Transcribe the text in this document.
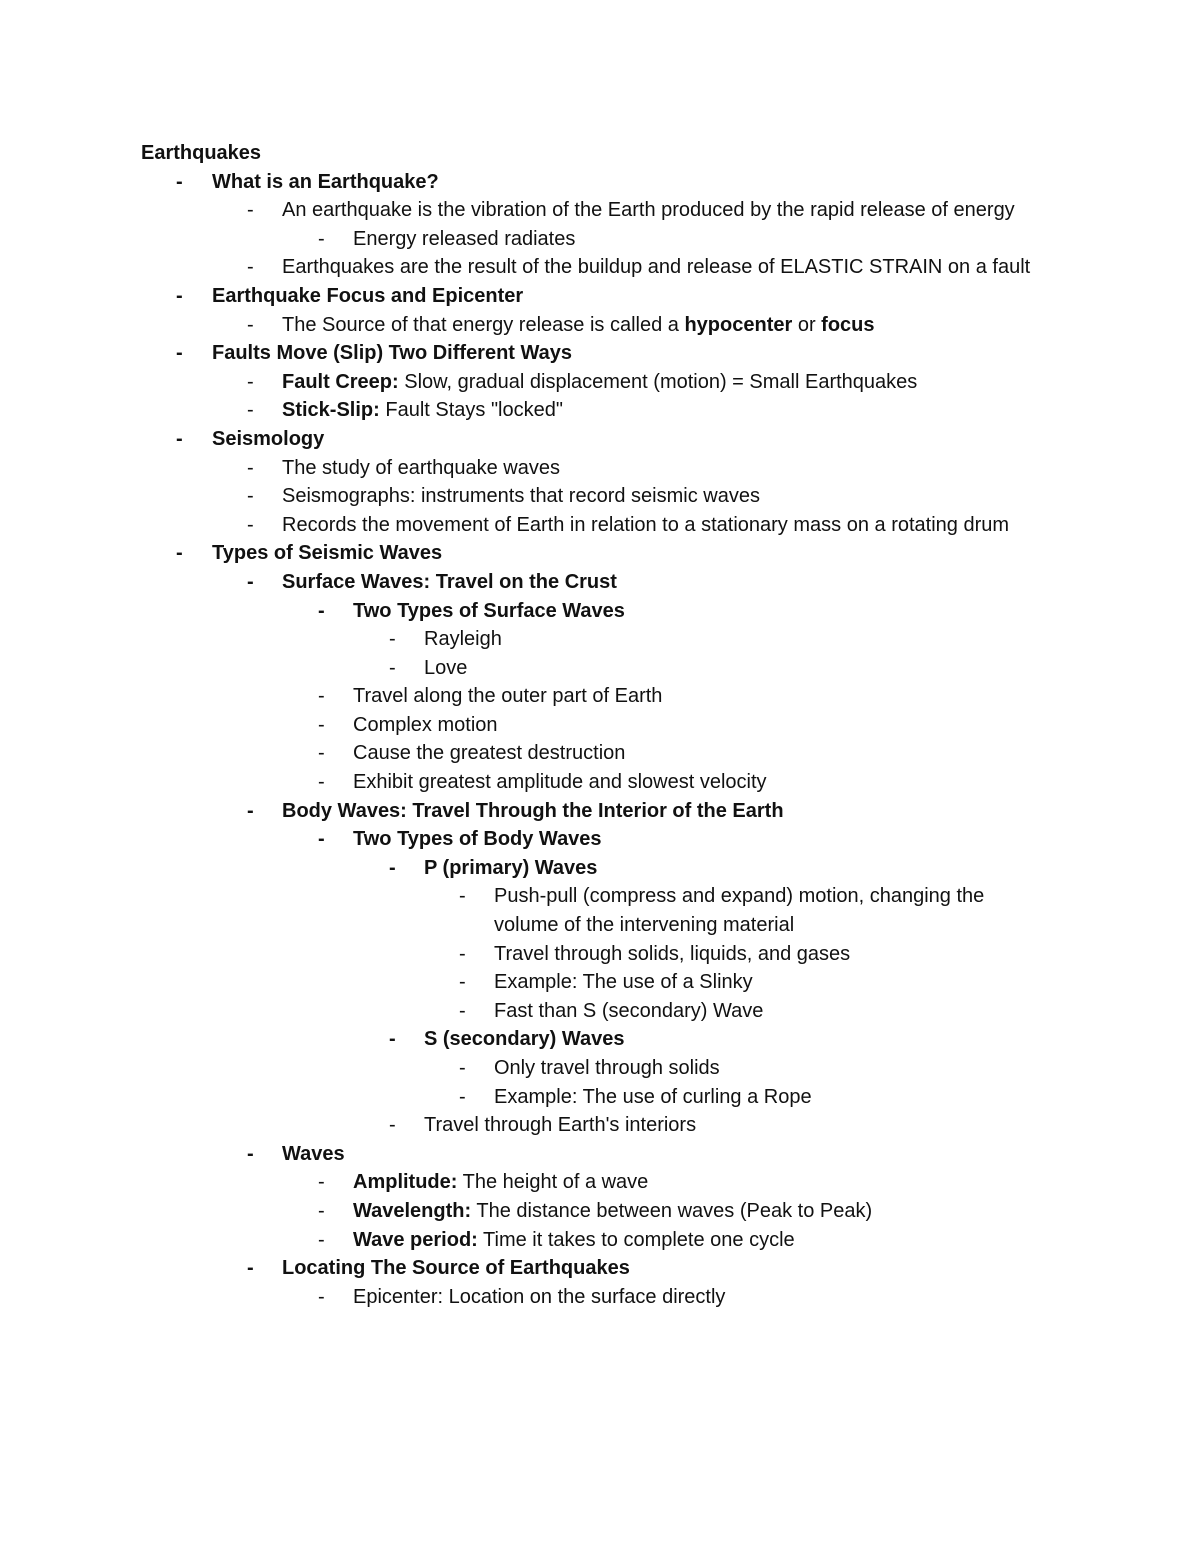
Earthquakes
- What is an Earthquake?
- An earthquake is the vibration of the Earth produced by the rapid release of energy
- Energy released radiates
- Earthquakes are the result of the buildup and release of ELASTIC STRAIN on a fault
- Earthquake Focus and Epicenter
- The Source of that energy release is called a hypocenter or focus
- Faults Move (Slip) Two Different Ways
- Fault Creep: Slow, gradual displacement (motion) = Small Earthquakes
- Stick-Slip: Fault Stays "locked"
- Seismology
- The study of earthquake waves
- Seismographs: instruments that record seismic waves
- Records the movement of Earth in relation to a stationary mass on a rotating drum
- Types of Seismic Waves
- Surface Waves: Travel on the Crust
- Two Types of Surface Waves
- Rayleigh
- Love
- Travel along the outer part of Earth
- Complex motion
- Cause the greatest destruction
- Exhibit greatest amplitude and slowest velocity
- Body Waves: Travel Through the Interior of the Earth
- Two Types of Body Waves
- P (primary) Waves
- Push-pull (compress and expand) motion, changing the volume of the intervening material
- Travel through solids, liquids, and gases
- Example: The use of a Slinky
- Fast than S (secondary) Wave
- S (secondary) Waves
- Only travel through solids
- Example: The use of curling a Rope
- Travel through Earth's interiors
- Waves
- Amplitude: The height of a wave
- Wavelength: The distance between waves (Peak to Peak)
- Wave period: Time it takes to complete one cycle
- Locating The Source of Earthquakes
- Epicenter: Location on the surface directly
